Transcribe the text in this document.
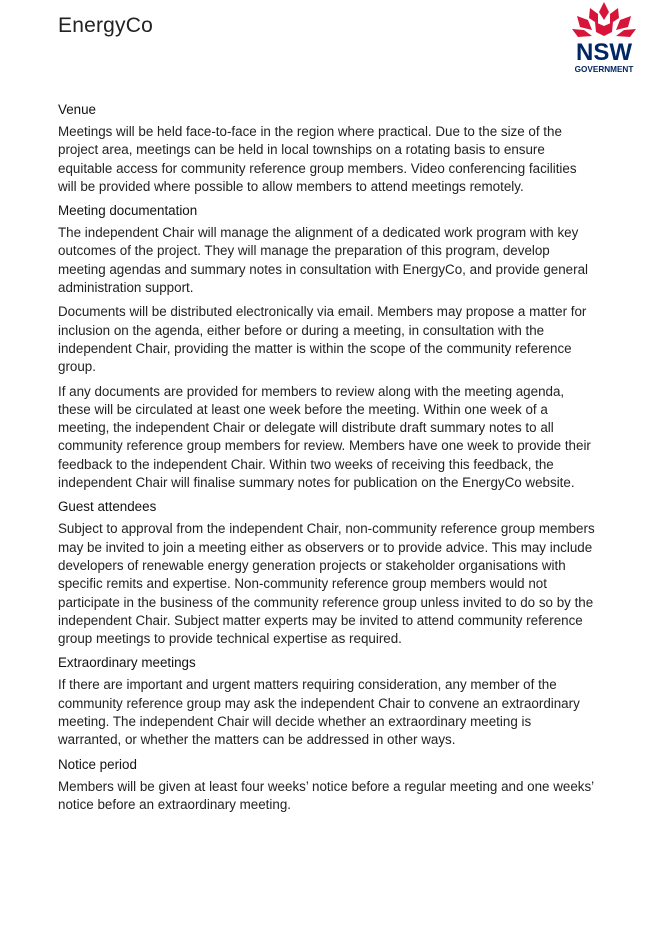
EnergyCo
NSW
GOVERNMENT
Venue

Meetings will be held face-to-face in the region where practical. Due to the size of the project area, meetings can be held in local townships on a rotating basis to ensure equitable access for community reference group members. Video conferencing facilities will be provided where possible to allow members to attend meetings remotely.

Meeting documentation

The independent Chair will manage the alignment of a dedicated work program with key outcomes of the project. They will manage the preparation of this program, develop meeting agendas and summary notes in consultation with EnergyCo, and provide general administration support.

Documents will be distributed electronically via email. Members may propose a matter for inclusion on the agenda, either before or during a meeting, in consultation with the independent Chair, providing the matter is within the scope of the community reference group.

If any documents are provided for members to review along with the meeting agenda, these will be circulated at least one week before the meeting. Within one week of a meeting, the independent Chair or delegate will distribute draft summary notes to all community reference group members for review. Members have one week to provide their feedback to the independent Chair. Within two weeks of receiving this feedback, the independent Chair will finalise summary notes for publication on the EnergyCo website.

Guest attendees

Subject to approval from the independent Chair, non-community reference group members may be invited to join a meeting either as observers or to provide advice. This may include developers of renewable energy generation projects or stakeholder organisations with specific remits and expertise. Non-community reference group members would not participate in the business of the community reference group unless invited to do so by the independent Chair. Subject matter experts may be invited to attend community reference group meetings to provide technical expertise as required.

Extraordinary meetings

If there are important and urgent matters requiring consideration, any member of the community reference group may ask the independent Chair to convene an extraordinary meeting. The independent Chair will decide whether an extraordinary meeting is warranted, or whether the matters can be addressed in other ways.

Notice period

Members will be given at least four weeks’ notice before a regular meeting and one weeks’ notice before an extraordinary meeting.
